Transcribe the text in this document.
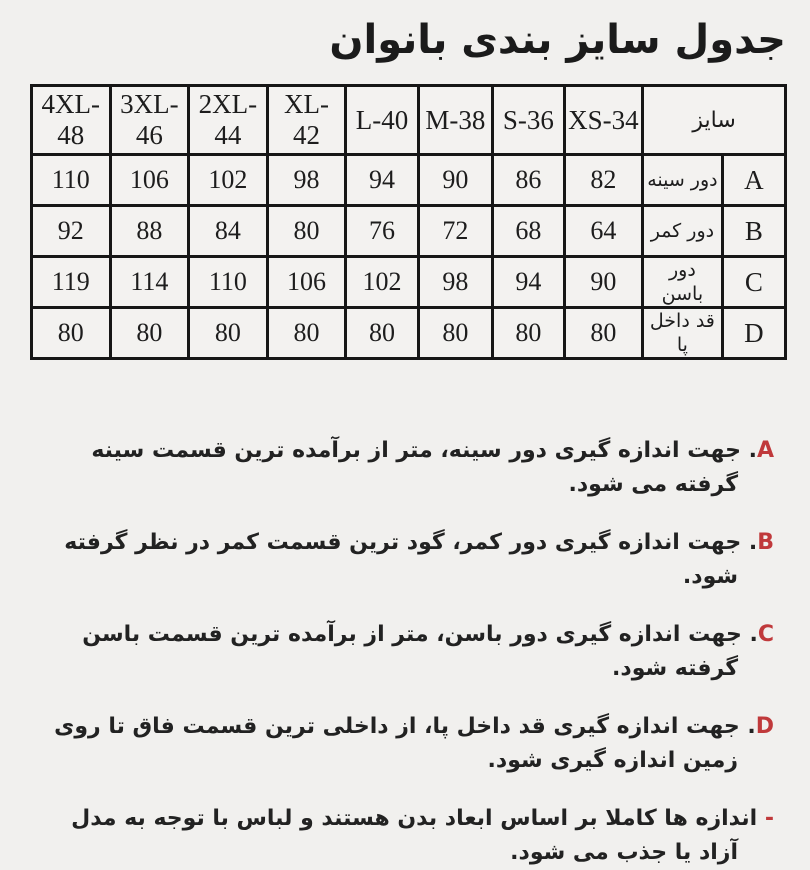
جدول سایز بندی بانوان
4XL-48	3XL-46	2XL-44	XL-42	L-40	M-38	S-36	XS-34	سایز	
110	106	102	98	94	90	86	82	دور سینه	A
92	88	84	80	76	72	68	64	دور کمر	B
119	114	110	106	102	98	94	90	دور باسن	C
80	80	80	80	80	80	80	80	قد داخل پا	D
A. جهت اندازه گیری دور سینه، متر از برآمده ترین قسمت سینه گرفته می شود.
B. جهت اندازه گیری دور کمر، گود ترین قسمت کمر در نظر گرفته شود.
C. جهت اندازه گیری دور باسن، متر از برآمده ترین قسمت باسن گرفته شود.
D. جهت اندازه گیری قد داخل پا، از داخلی ترین قسمت فاق تا روی زمین اندازه گیری شود.
- اندازه ها کاملا بر اساس ابعاد بدن هستند و لباس با توجه به مدل آزاد یا جذب می شود.
